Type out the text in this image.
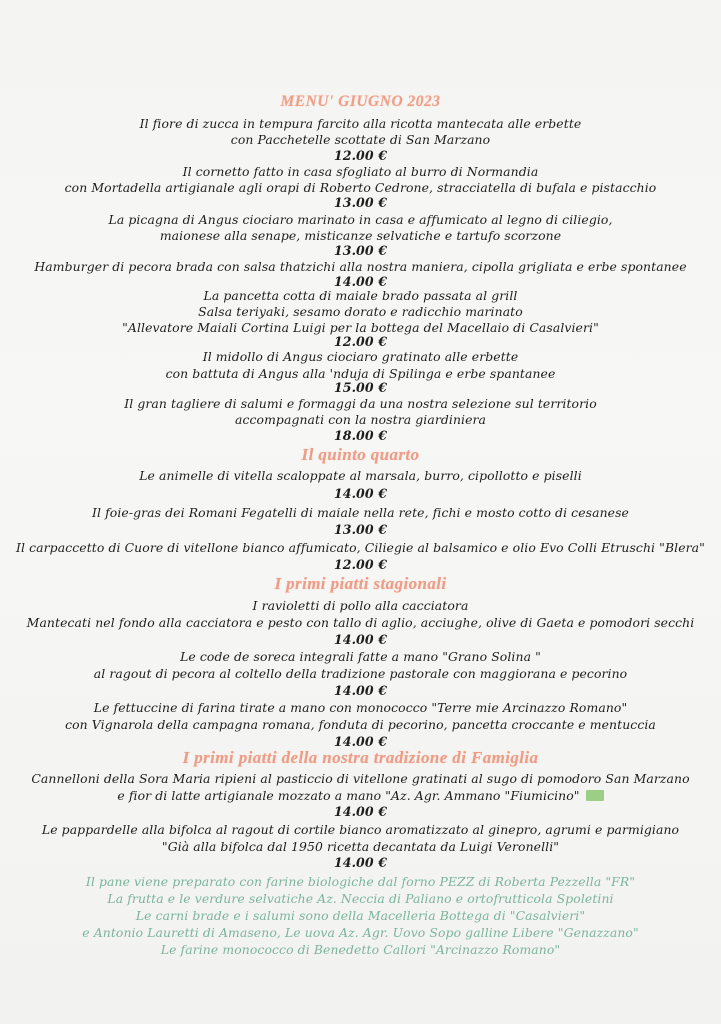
MENU' GIUGNO 2023
Il fiore di zucca in tempura farcito alla ricotta mantecata alle erbette
con Pacchetelle scottate di San Marzano
12.00 €
Il cornetto fatto in casa sfogliato al burro di Normandia
con Mortadella artigianale agli orapi di Roberto Cedrone, stracciatella di bufala e pistacchio
13.00 €
La picagna di Angus ciociaro marinato in casa e affumicato al legno di ciliegio,
maionese alla senape, misticanze selvatiche e tartufo scorzone
13.00 €
Hamburger di pecora brada con salsa thatzichi alla nostra maniera, cipolla grigliata e erbe spontanee
14.00 €
La pancetta cotta di maiale brado passata al grill
Salsa teriyaki, sesamo dorato e radicchio marinato
"Allevatore Maiali Cortina Luigi per la bottega del Macellaio di Casalvieri"
12.00 €
Il midollo di Angus ciociaro gratinato alle erbette
con battuta di Angus alla 'nduja di Spilinga e erbe spantanee
15.00 €
Il gran tagliere di salumi e formaggi da una nostra selezione sul territorio
accompagnati con la nostra giardiniera
18.00 €
Il quinto quarto
Le animelle di vitella scaloppate al marsala, burro, cipollotto e piselli
14.00 €
Il foie-gras dei Romani Fegatelli di maiale nella rete, fichi e mosto cotto di cesanese
13.00 €
Il carpaccetto di Cuore di vitellone bianco affumicato, Ciliegie al balsamico e olio Evo Colli Etruschi "Blera"
12.00 €
I primi piatti stagionali
I ravioletti di pollo alla cacciatora
Mantecati nel fondo alla cacciatora e pesto con tallo di aglio, acciughe, olive di Gaeta e pomodori secchi
14.00 €
Le code de soreca integrali fatte a mano "Grano Solina "
al ragout di pecora al coltello della tradizione pastorale con maggiorana e pecorino
14.00 €
Le fettuccine di farina tirate a mano con monococco "Terre mie Arcinazzo Romano"
con Vignarola della campagna romana, fonduta di pecorino, pancetta croccante e mentuccia
14.00 €
I primi piatti della nostra tradizione di Famiglia
Cannelloni della Sora Maria ripieni al pasticcio di vitellone gratinati al sugo di pomodoro San Marzano
e fior di latte artigianale mozzato a mano "Az. Agr. Ammano "Fiumicino"
14.00 €
Le pappardelle alla bifolca al ragout di cortile bianco aromatizzato al ginepro, agrumi e parmigiano
"Già alla bifolca dal 1950 ricetta decantata da Luigi Veronelli"
14.00 €
Il pane viene preparato con farine biologiche dal forno PEZZ di Roberta Pezzella "FR"
La frutta e le verdure selvatiche Az. Neccia di Paliano e ortofrutticola Spoletini
Le carni brade e i salumi sono della Macelleria Bottega di "Casalvieri"
e Antonio Lauretti di Amaseno, Le uova Az. Agr. Uovo Sopo galline Libere "Genazzano"
Le farine monococco di Benedetto Callori "Arcinazzo Romano"
